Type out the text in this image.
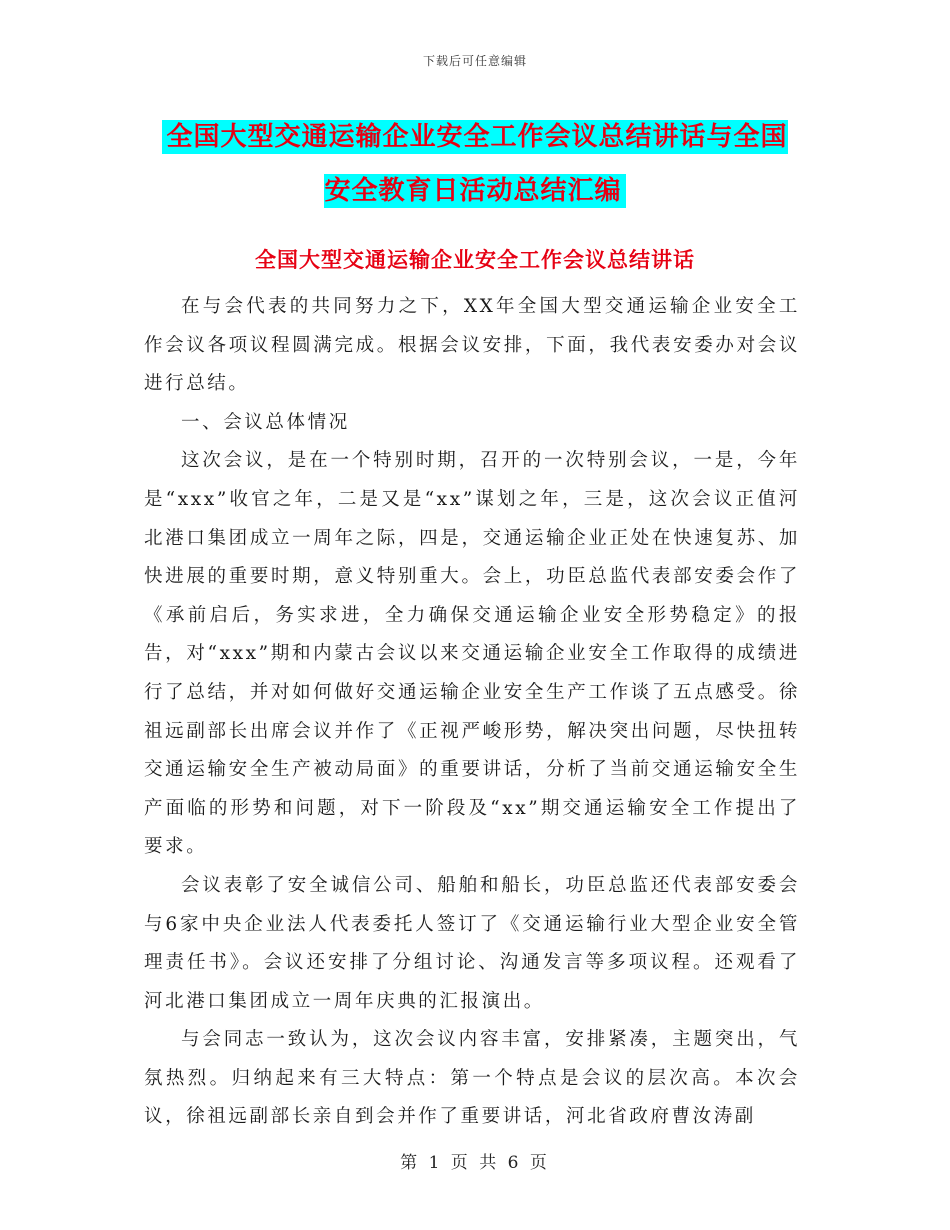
下载后可任意编辑
全国大型交通运输企业安全工作会议总结讲话与全国安全教育日活动总结汇编
全国大型交通运输企业安全工作会议总结讲话

在与会代表的共同努力之下，XX年全国大型交通运输企业安全工作会议各项议程圆满完成。根据会议安排，下面，我代表安委办对会议进行总结。

一、会议总体情况

这次会议，是在一个特别时期，召开的一次特别会议，一是，今年是“xxx”收官之年，二是又是“xx”谋划之年，三是，这次会议正值河北港口集团成立一周年之际，四是，交通运输企业正处在快速复苏、加快进展的重要时期，意义特别重大。会上，功臣总监代表部安委会作了《承前启后，务实求进，全力确保交通运输企业安全形势稳定》的报告，对“xxx”期和内蒙古会议以来交通运输企业安全工作取得的成绩进行了总结，并对如何做好交通运输企业安全生产工作谈了五点感受。徐祖远副部长出席会议并作了《正视严峻形势，解决突出问题，尽快扭转交通运输安全生产被动局面》的重要讲话，分析了当前交通运输安全生产面临的形势和问题，对下一阶段及“xx”期交通运输安全工作提出了要求。

会议表彰了安全诚信公司、船舶和船长，功臣总监还代表部安委会与6家中央企业法人代表委托人签订了《交通运输行业大型企业安全管理责任书》。会议还安排了分组讨论、沟通发言等多项议程。还观看了河北港口集团成立一周年庆典的汇报演出。

与会同志一致认为，这次会议内容丰富，安排紧凑，主题突出，气氛热烈。归纳起来有三大特点：第一个特点是会议的层次高。本次会议，徐祖远副部长亲自到会并作了重要讲话，河北省政府曹汝涛副

第 1 页 共 6 页
